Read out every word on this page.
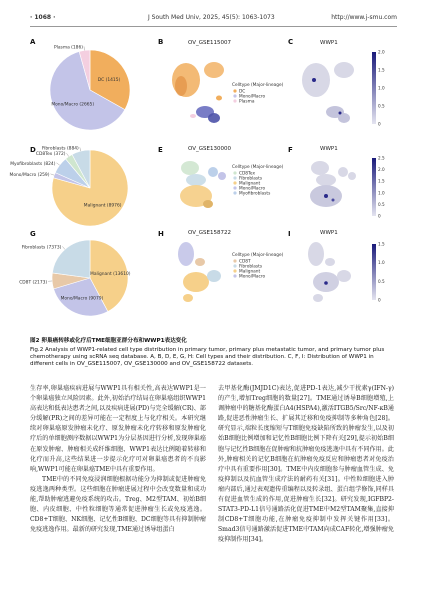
· 1068 ·	J South Med Univ, 2025, 45(5): 1063-1073	http://www.j-smu.com
A	B	C
D	E	F
G	H	I
OV_GSE115007	WWP1
OV_GSE130000	WWP1
OV_GSE158722	WWP1
DC (1415)
Mono/Macro (2665)
Plasma (186)
Malignant (8976)
Mono/Macro (259)
Myofibroblasts (824)
CD8Tex (372)
Fibroblasts (884)
Malignant (13610)
Mono/Macro (9079)
CD8T (2173)
Fibroblasts (7373)
Celltype (Major-lineage)
DC
Mono/Macro
Plasma
Celltype (Major-lineage)
CD8Tex
Fibroblasts
Malignant
Mono/Macro
Myofibroblasts
Celltype (Major-lineage)
CD8T
Fibroblasts
Malignant
Mono/Macro
2.0
1.5
1.0
0.5
0
2.5
2.0
1.5
1.0
0.5
0
1.5
1.0
0.5
0
图2 卵巢癌转移或化疗后TME细胞亚群分布和WWP1表达变化
Fig.2 Analysis of WWP1-related cell type distribution in primary tumor, primary plus metastatic tumor, and primary tumor plus chemotherapy using scRNA seq database. A, B, D, E, G, H: Cell types and their distribution. C, F, I: Distribution of WWP1 in different cells in OV_GSE115007, OV_GSE130000 and OV_GSE158722 datasets.

生存率,卵巢癌疾病进展与WWP1具有相关性,高表达WWP1是一个卵巢癌独立风险因素。此外,初始治疗结局在卵巢癌组织WWP1高表达和低表达患者之间,以及疾病进展(PD)与完全缓解(CR)、部分缓解(PR)之间的差异可能在一定程度上与化疗相关。本研究继续对卵巢癌原发肿瘤未化疗、原发肿瘤未化疗转移和原发肿瘤化疗后的单细胞测序数据以WWP1为分层基因进行分析,发现卵巢癌在原发肿瘤、肿瘤相关成纤维细胞、WWP1表达比例随着转移和化疗而升高,这些结果进一步提示化疗可对卵巢癌患者的不良影响,WWP1可能在卵巢癌TME中具有重要作用。

TME中的不同免疫浸润细胞根据功能分为抑制或促进肿瘤免疫逃逸两种类型。这些细胞在肿瘤进展过程中会改变数量和成功能,帮助肿瘤逃避免疫系统的攻击。Treg、M2型TAM、初始B细胞、内皮细胞、中性粒细胞等通常促进肿瘤生长或免疫逃逸。CD8+T细胞、NK细胞、记忆性B细胞、DC细胞等具有抑制肿瘤免疫逃逸作用。最新的研究发现,TME通过诱导组蛋白

去甲基化酶(JMJD1C)表达,促进PD-1表达,减少干扰素γ(IFN-γ)的产生,增加Treg细胞的数量[27]。TME通过诱导B细胞增殖,上调肿瘤中的糖基化酶蛋白A4(HSPA4),激活ITGB5/Src/NF-κB通路,促进恶性肿瘤生长、扩展其迁移和免疫抑制等多种角色[28]。研究显示,端粒长度缩短与T细胞免疫缺陷所致的肿瘤发生,以及初始B细胞比例增加和记忆性B细胞比例下降有关[29],提示初始B细胞与记忆性B细胞在促肿瘤和抗肿瘤免疫逃逸中具有不同作用。此外,肿瘤相关的记忆B细胞在抗肿瘤免疫反应和肿瘤患者对免疫治疗中具有重要作用[30]。TME中内皮细胞参与肿瘤血管生成、免疫抑制以及抗血管生成疗法的耐药有关[31]。中性粒细胞进入肿瘤内部后,通过表观遗传重编程以及转录组、蛋白组学修饰,同样具有促进血管生成的作用,促进肿瘤生长[32]。研究发现,IGFBP2-STAT3-PD-L1信号通路活化促进TME中M2型TAM聚集,直接抑制CD8+T细胞功能,在肿瘤免疫抑制中发挥关键作用[33]。Smad3信号通路激活促进TME中TAM向成CAF转化,增强肿瘤免疫抑制作用[34]。
